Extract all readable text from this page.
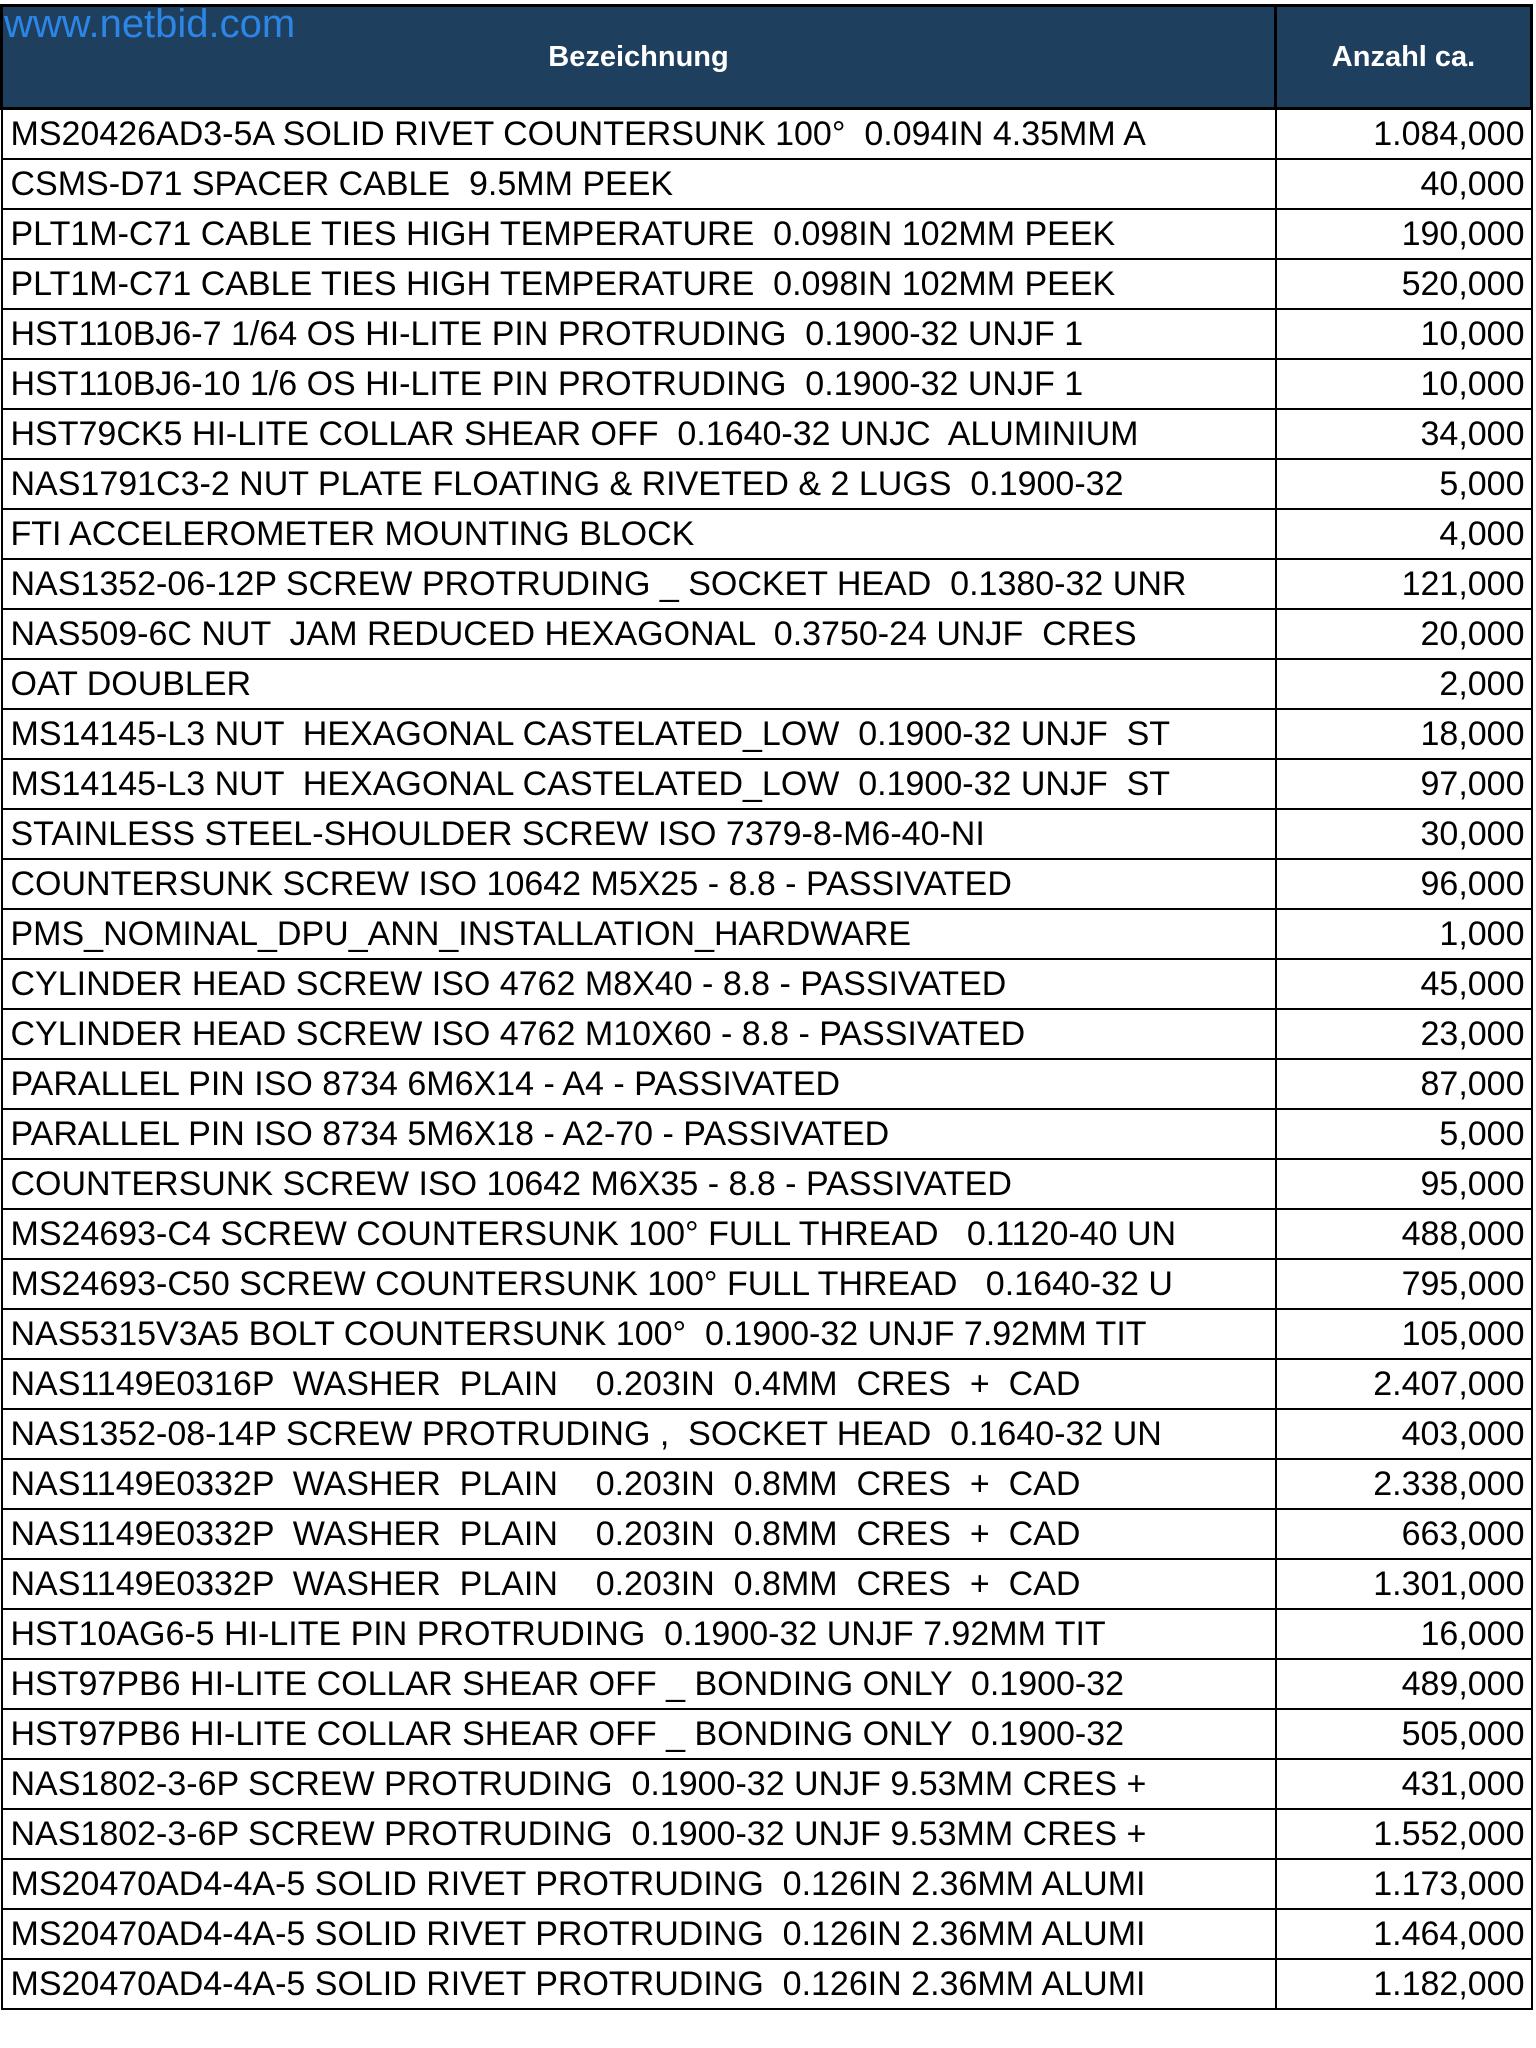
www.netbid.com
Bezeichnung	Anzahl ca.
MS20426AD3-5A SOLID RIVET COUNTERSUNK 100°  0.094IN 4.35MM A	1.084,000
CSMS-D71 SPACER CABLE  9.5MM PEEK	40,000
PLT1M-C71 CABLE TIES HIGH TEMPERATURE  0.098IN 102MM PEEK	190,000
PLT1M-C71 CABLE TIES HIGH TEMPERATURE  0.098IN 102MM PEEK	520,000
HST110BJ6-7 1/64 OS HI-LITE PIN PROTRUDING  0.1900-32 UNJF 1	10,000
HST110BJ6-10 1/6 OS HI-LITE PIN PROTRUDING  0.1900-32 UNJF 1	10,000
HST79CK5 HI-LITE COLLAR SHEAR OFF  0.1640-32 UNJC  ALUMINIUM	34,000
NAS1791C3-2 NUT PLATE FLOATING & RIVETED & 2 LUGS  0.1900-32	5,000
FTI ACCELEROMETER MOUNTING BLOCK	4,000
NAS1352-06-12P SCREW PROTRUDING _ SOCKET HEAD  0.1380-32 UNR	121,000
NAS509-6C NUT  JAM REDUCED HEXAGONAL  0.3750-24 UNJF  CRES	20,000
OAT DOUBLER	2,000
MS14145-L3 NUT  HEXAGONAL CASTELATED_LOW  0.1900-32 UNJF  ST	18,000
MS14145-L3 NUT  HEXAGONAL CASTELATED_LOW  0.1900-32 UNJF  ST	97,000
STAINLESS STEEL-SHOULDER SCREW ISO 7379-8-M6-40-NI	30,000
COUNTERSUNK SCREW ISO 10642 M5X25 - 8.8 - PASSIVATED	96,000
PMS_NOMINAL_DPU_ANN_INSTALLATION_HARDWARE	1,000
CYLINDER HEAD SCREW ISO 4762 M8X40 - 8.8 - PASSIVATED	45,000
CYLINDER HEAD SCREW ISO 4762 M10X60 - 8.8 - PASSIVATED	23,000
PARALLEL PIN ISO 8734 6M6X14 - A4 - PASSIVATED	87,000
PARALLEL PIN ISO 8734 5M6X18 - A2-70 - PASSIVATED	5,000
COUNTERSUNK SCREW ISO 10642 M6X35 - 8.8 - PASSIVATED	95,000
MS24693-C4 SCREW COUNTERSUNK 100° FULL THREAD   0.1120-40 UN	488,000
MS24693-C50 SCREW COUNTERSUNK 100° FULL THREAD   0.1640-32 U	795,000
NAS5315V3A5 BOLT COUNTERSUNK 100°  0.1900-32 UNJF 7.92MM TIT	105,000
NAS1149E0316P  WASHER  PLAIN    0.203IN  0.4MM  CRES  +  CAD	2.407,000
NAS1352-08-14P SCREW PROTRUDING ,  SOCKET HEAD  0.1640-32 UN	403,000
NAS1149E0332P  WASHER  PLAIN    0.203IN  0.8MM  CRES  +  CAD	2.338,000
NAS1149E0332P  WASHER  PLAIN    0.203IN  0.8MM  CRES  +  CAD	663,000
NAS1149E0332P  WASHER  PLAIN    0.203IN  0.8MM  CRES  +  CAD	1.301,000
HST10AG6-5 HI-LITE PIN PROTRUDING  0.1900-32 UNJF 7.92MM TIT	16,000
HST97PB6 HI-LITE COLLAR SHEAR OFF _ BONDING ONLY  0.1900-32	489,000
HST97PB6 HI-LITE COLLAR SHEAR OFF _ BONDING ONLY  0.1900-32	505,000
NAS1802-3-6P SCREW PROTRUDING  0.1900-32 UNJF 9.53MM CRES +	431,000
NAS1802-3-6P SCREW PROTRUDING  0.1900-32 UNJF 9.53MM CRES +	1.552,000
MS20470AD4-4A-5 SOLID RIVET PROTRUDING  0.126IN 2.36MM ALUMI	1.173,000
MS20470AD4-4A-5 SOLID RIVET PROTRUDING  0.126IN 2.36MM ALUMI	1.464,000
MS20470AD4-4A-5 SOLID RIVET PROTRUDING  0.126IN 2.36MM ALUMI	1.182,000
